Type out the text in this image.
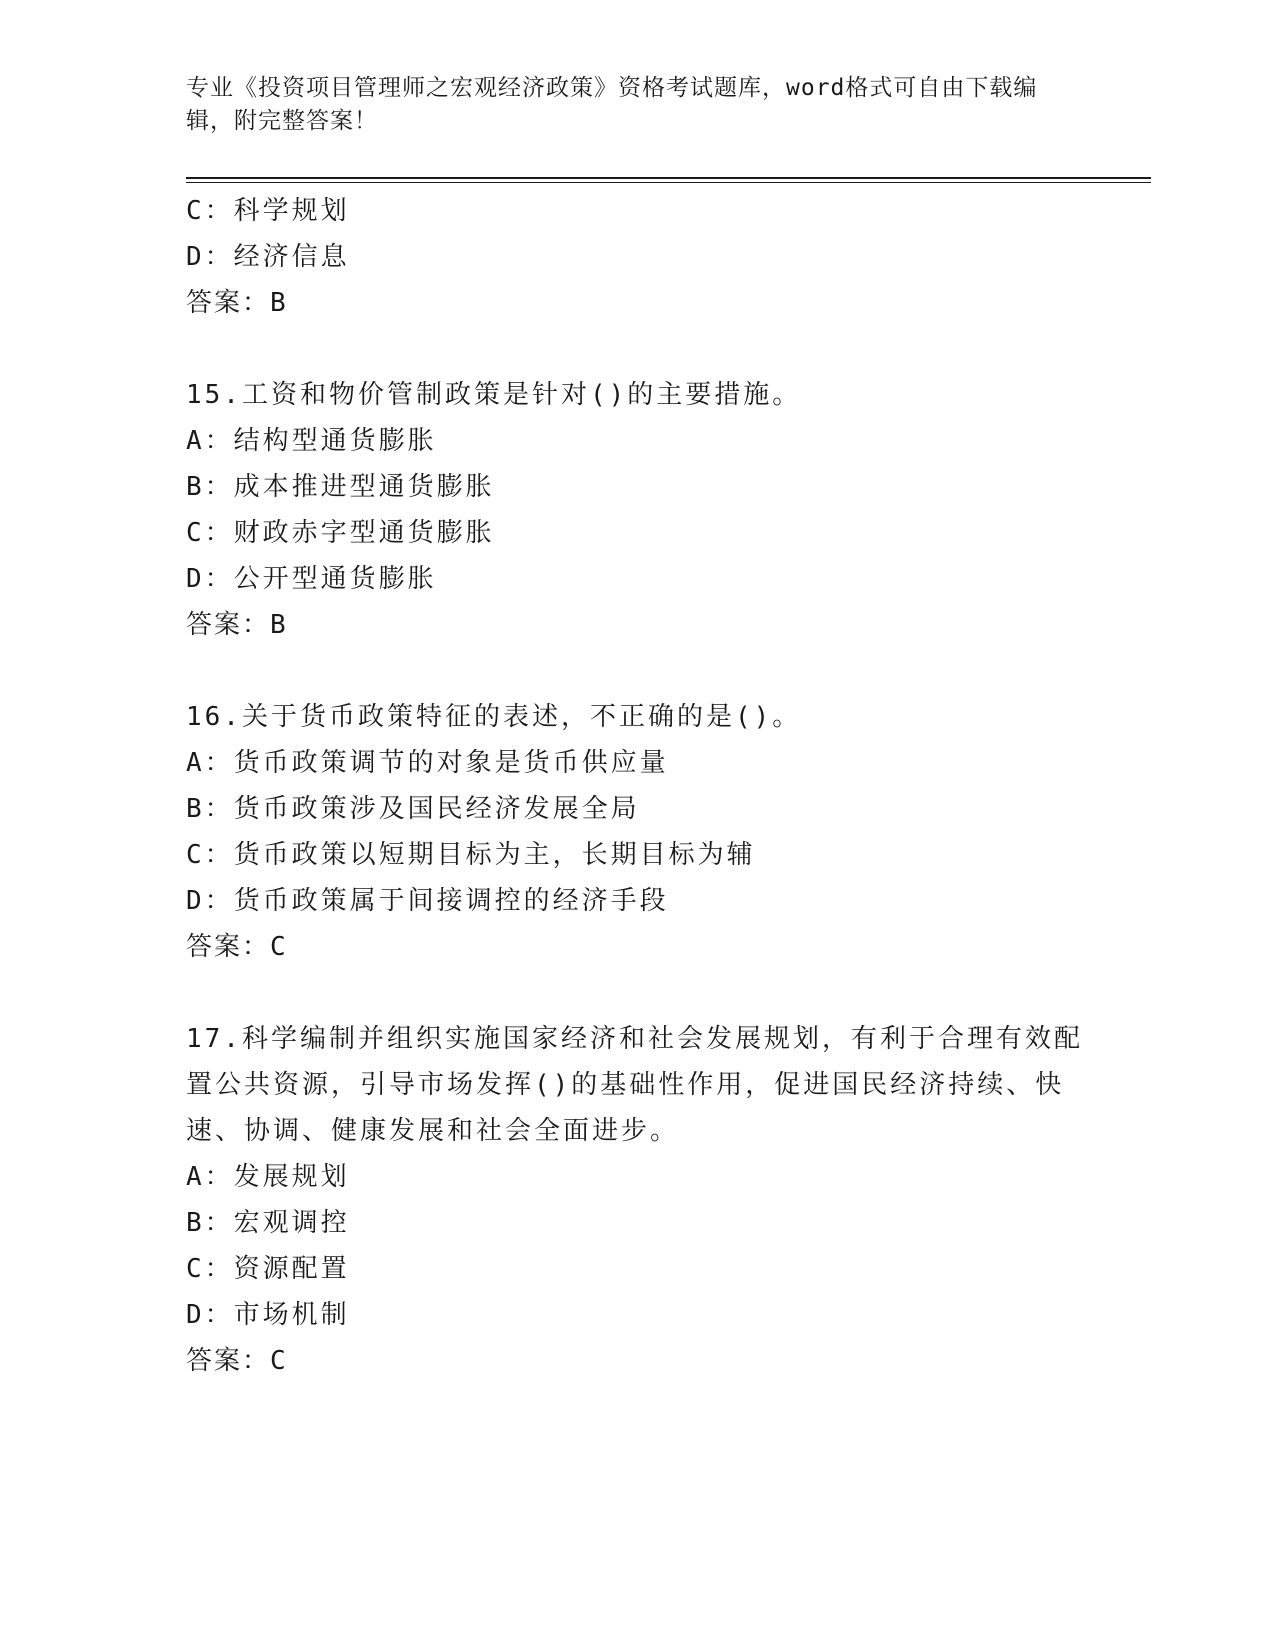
专业《投资项目管理师之宏观经济政策》资格考试题库，word格式可自由下载编
辑，附完整答案！
C：科学规划
D：经济信息
答案：B
15.工资和物价管制政策是针对()的主要措施。
A：结构型通货膨胀
B：成本推进型通货膨胀
C：财政赤字型通货膨胀
D：公开型通货膨胀
答案：B
16.关于货币政策特征的表述，不正确的是()。
A：货币政策调节的对象是货币供应量
B：货币政策涉及国民经济发展全局
C：货币政策以短期目标为主，长期目标为辅
D：货币政策属于间接调控的经济手段
答案：C
17.科学编制并组织实施国家经济和社会发展规划，有利于合理有效配
置公共资源，引导市场发挥()的基础性作用，促进国民经济持续、快
速、协调、健康发展和社会全面进步。
A：发展规划
B：宏观调控
C：资源配置
D：市场机制
答案：C
